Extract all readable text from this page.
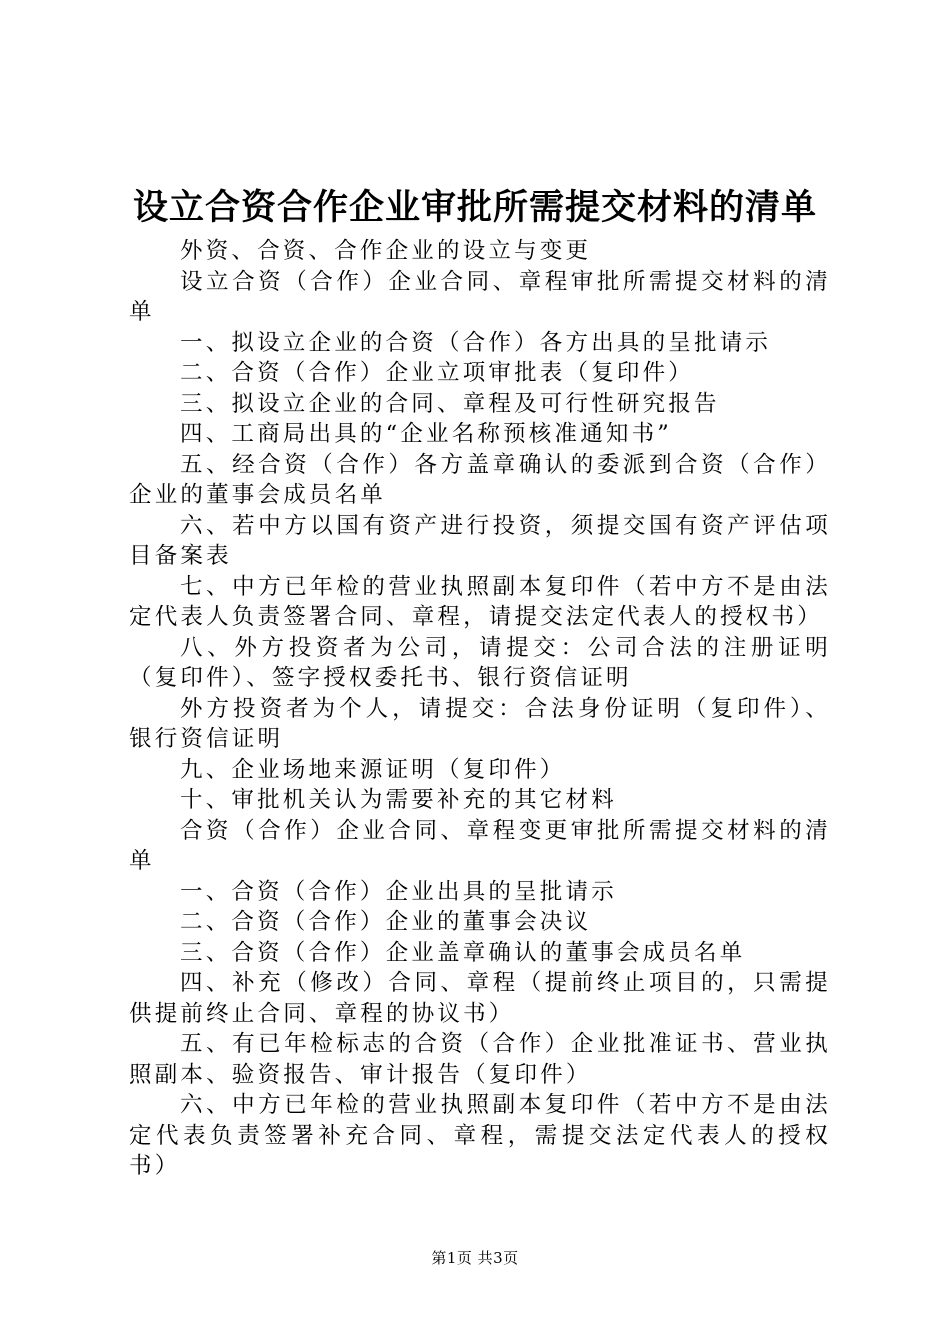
设立合资合作企业审批所需提交材料的清单

外资、合资、合作企业的设立与变更

设立合资（合作）企业合同、章程审批所需提交材料的清单

一、拟设立企业的合资（合作）各方出具的呈批请示

二、合资（合作）企业立项审批表（复印件）

三、拟设立企业的合同、章程及可行性研究报告

四、工商局出具的“企业名称预核准通知书”

五、经合资（合作）各方盖章确认的委派到合资（合作）企业的董事会成员名单

六、若中方以国有资产进行投资，须提交国有资产评估项目备案表

七、中方已年检的营业执照副本复印件（若中方不是由法定代表人负责签署合同、章程，请提交法定代表人的授权书）

八、外方投资者为公司，请提交：公司合法的注册证明（复印件）、签字授权委托书、银行资信证明

外方投资者为个人，请提交：合法身份证明（复印件）、银行资信证明

九、企业场地来源证明（复印件）

十、审批机关认为需要补充的其它材料

合资（合作）企业合同、章程变更审批所需提交材料的清单

一、合资（合作）企业出具的呈批请示

二、合资（合作）企业的董事会决议

三、合资（合作）企业盖章确认的董事会成员名单

四、补充（修改）合同、章程（提前终止项目的，只需提供提前终止合同、章程的协议书）

五、有已年检标志的合资（合作）企业批准证书、营业执照副本、验资报告、审计报告（复印件）

六、中方已年检的营业执照副本复印件（若中方不是由法定代表负责签署补充合同、章程，需提交法定代表人的授权书）

第1页 共3页
